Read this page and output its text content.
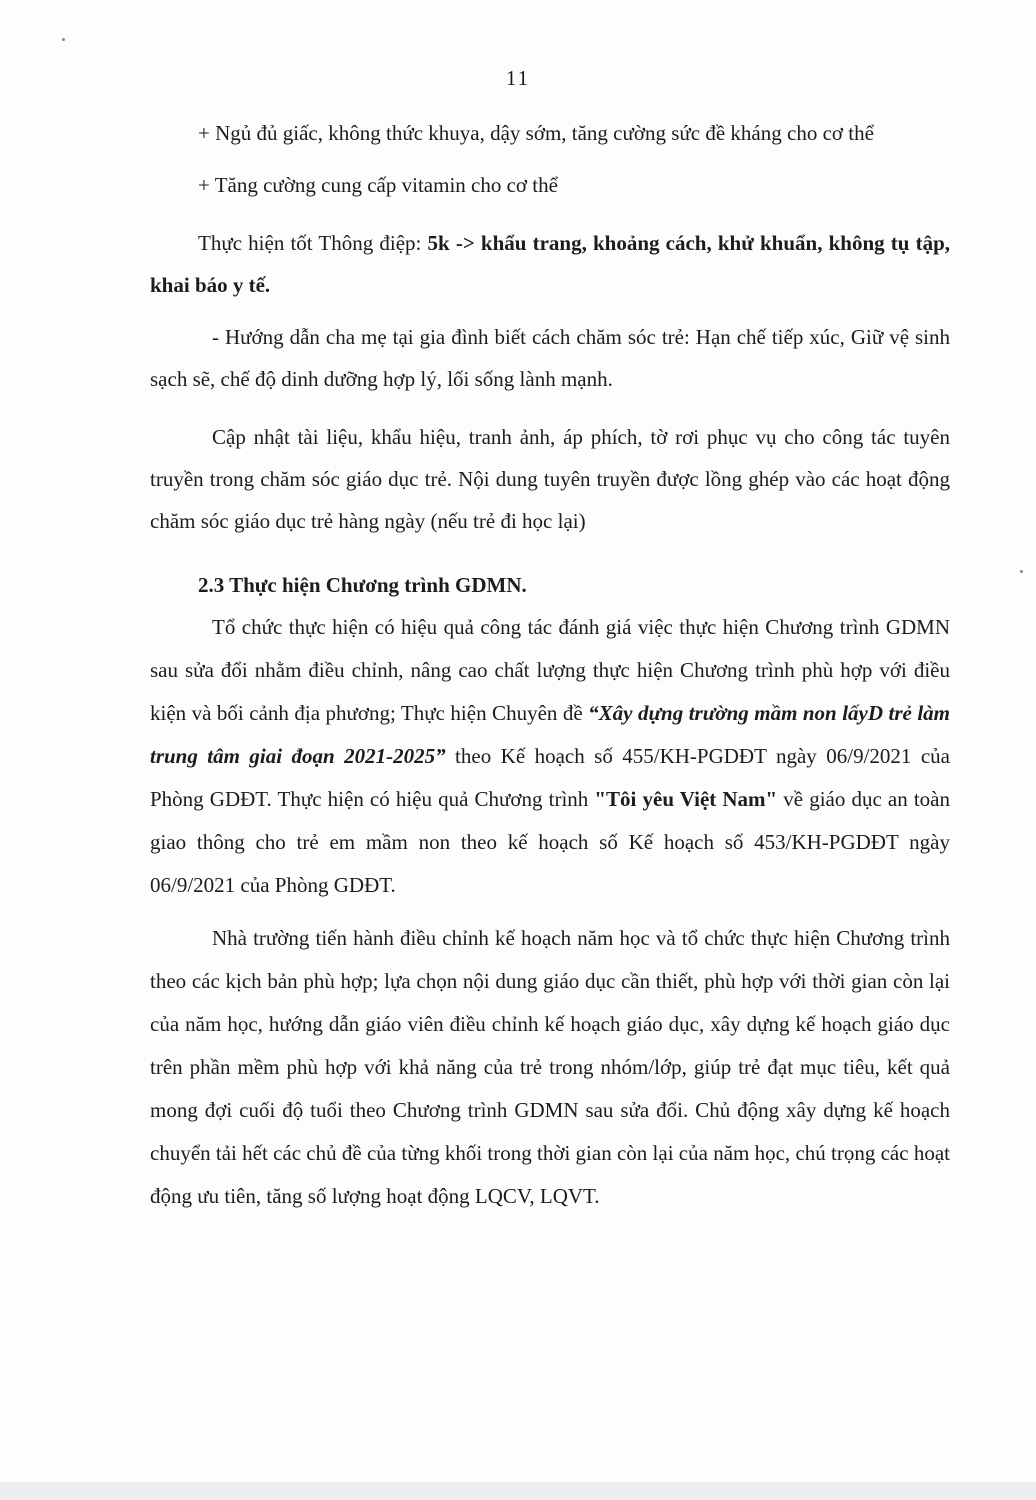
11

+ Ngủ đủ giấc, không thức khuya, dậy sớm, tăng cường sức đề kháng cho cơ thể

+ Tăng cường cung cấp vitamin cho cơ thể

Thực hiện tốt Thông điệp: 5k -> khẩu trang, khoảng cách, khử khuẩn, không tụ tập, khai báo y tế.

- Hướng dẫn cha mẹ tại gia đình biết cách chăm sóc trẻ: Hạn chế tiếp xúc, Giữ vệ sinh sạch sẽ, chế độ dinh dưỡng hợp lý, lối sống lành mạnh.

Cập nhật tài liệu, khẩu hiệu, tranh ảnh, áp phích, tờ rơi phục vụ cho công tác tuyên truyền trong chăm sóc giáo dục trẻ. Nội dung tuyên truyền được lồng ghép vào các hoạt động chăm sóc giáo dục trẻ hàng ngày (nếu trẻ đi học lại)

2.3 Thực hiện Chương trình GDMN.

Tổ chức thực hiện có hiệu quả công tác đánh giá việc thực hiện Chương trình GDMN sau sửa đổi nhằm điều chỉnh, nâng cao chất lượng thực hiện Chương trình phù hợp với điều kiện và bối cảnh địa phương; Thực hiện Chuyên đề “Xây dựng trường mầm non lấyD trẻ làm trung tâm giai đoạn 2021-2025” theo Kế hoạch số 455/KH-PGDĐT ngày 06/9/2021 của Phòng GDĐT. Thực hiện có hiệu quả Chương trình "Tôi yêu Việt Nam" về giáo dục an toàn giao thông cho trẻ em mầm non theo kế hoạch số Kế hoạch số 453/KH-PGDĐT ngày 06/9/2021 của Phòng GDĐT.

Nhà trường tiến hành điều chỉnh kế hoạch năm học và tổ chức thực hiện Chương trình theo các kịch bản phù hợp; lựa chọn nội dung giáo dục cần thiết, phù hợp với thời gian còn lại của năm học, hướng dẫn giáo viên điều chỉnh kế hoạch giáo dục, xây dựng kế hoạch giáo dục trên phần mềm phù hợp với khả năng của trẻ trong nhóm/lớp, giúp trẻ đạt mục tiêu, kết quả mong đợi cuối độ tuổi theo Chương trình GDMN sau sửa đổi. Chủ động xây dựng kế hoạch chuyển tải hết các chủ đề của từng khối trong thời gian còn lại của năm học, chú trọng các hoạt động ưu tiên, tăng số lượng hoạt động LQCV, LQVT.
